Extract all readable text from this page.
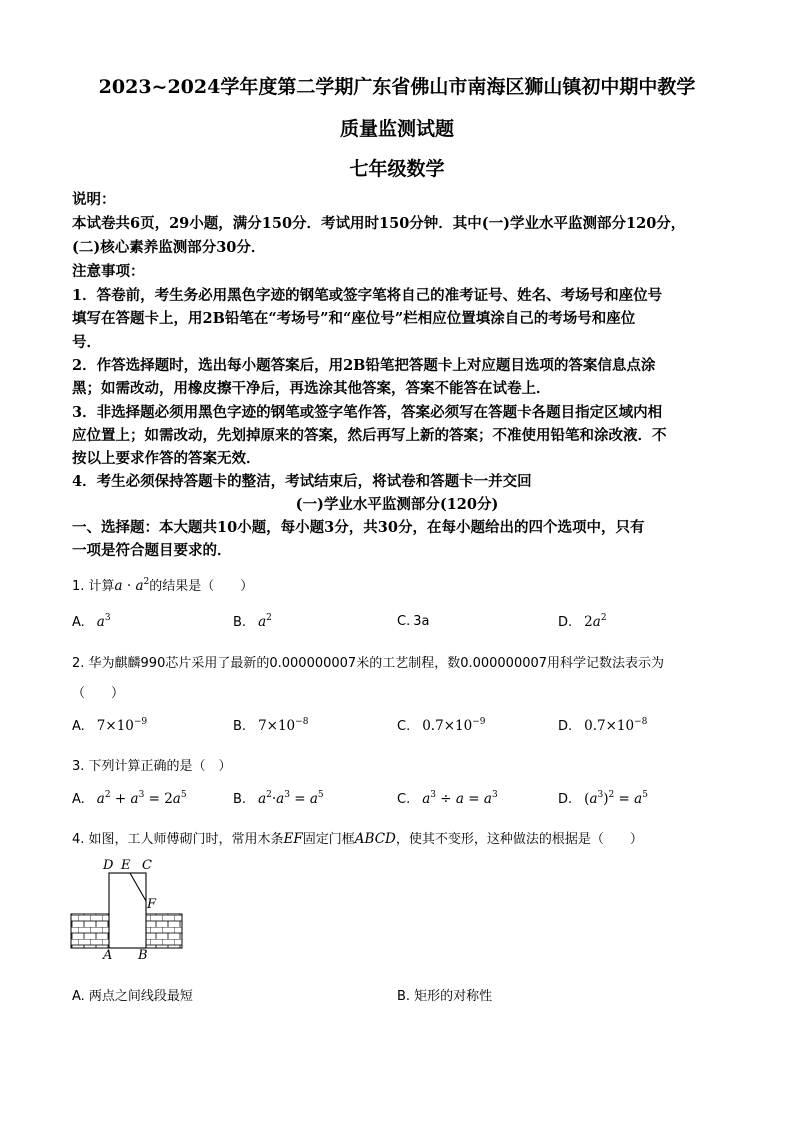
2023~2024学年度第二学期广东省佛山市南海区狮山镇初中期中教学
质量监测试题
七年级数学
说明：
本试卷共6页，29小题，满分150分．考试用时150分钟．其中(一)学业水平监测部分120分，
(二)核心素养监测部分30分．
注意事项：
1．答卷前，考生务必用黑色字迹的钢笔或签字笔将自己的准考证号、姓名、考场号和座位号
填写在答题卡上，用2B铅笔在“考场号”和“座位号”栏相应位置填涂自己的考场号和座位
号．
2．作答选择题时，选出每小题答案后，用2B铅笔把答题卡上对应题目选项的答案信息点涂
黑；如需改动，用橡皮擦干净后，再选涂其他答案，答案不能答在试卷上．
3．非选择题必须用黑色字迹的钢笔或签字笔作答，答案必须写在答题卡各题目指定区域内相
应位置上；如需改动，先划掉原来的答案，然后再写上新的答案；不准使用铅笔和涂改液．不
按以上要求作答的答案无效．
4．考生必须保持答题卡的整洁，考试结束后，将试卷和答题卡一并交回
(一)学业水平监测部分(120分)
一、选择题：本大题共10小题，每小题3分，共30分，在每小题给出的四个选项中，只有
一项是符合题目要求的．
1. 计算$a \cdot a^2$的结果是（　　）
A. $a^3$	B. $a^2$	C. 3a	D. $2a^2$
2. 华为麒麟990芯片采用了最新的0.000000007米的工艺制程，数0.000000007用科学记数法表示为
（　　）
A. $7\times 10^{-9}$	B. $7\times 10^{-8}$	C. $0.7\times 10^{-9}$	D. $0.7\times 10^{-8}$
3. 下列计算正确的是（　）
A. $a^2 + a^3 = 2a^5$	B. $a^2\cdot a^3 = a^5$	C. $a^3 \div a = a^3$	D. $(a^3)^2 = a^5$
4. 如图，工人师傅砌门时，常用木条EF固定门框ABCD，使其不变形，这种做法的根据是（　　）
D E C
F
A B
A. 两点之间线段最短	B. 矩形的对称性
